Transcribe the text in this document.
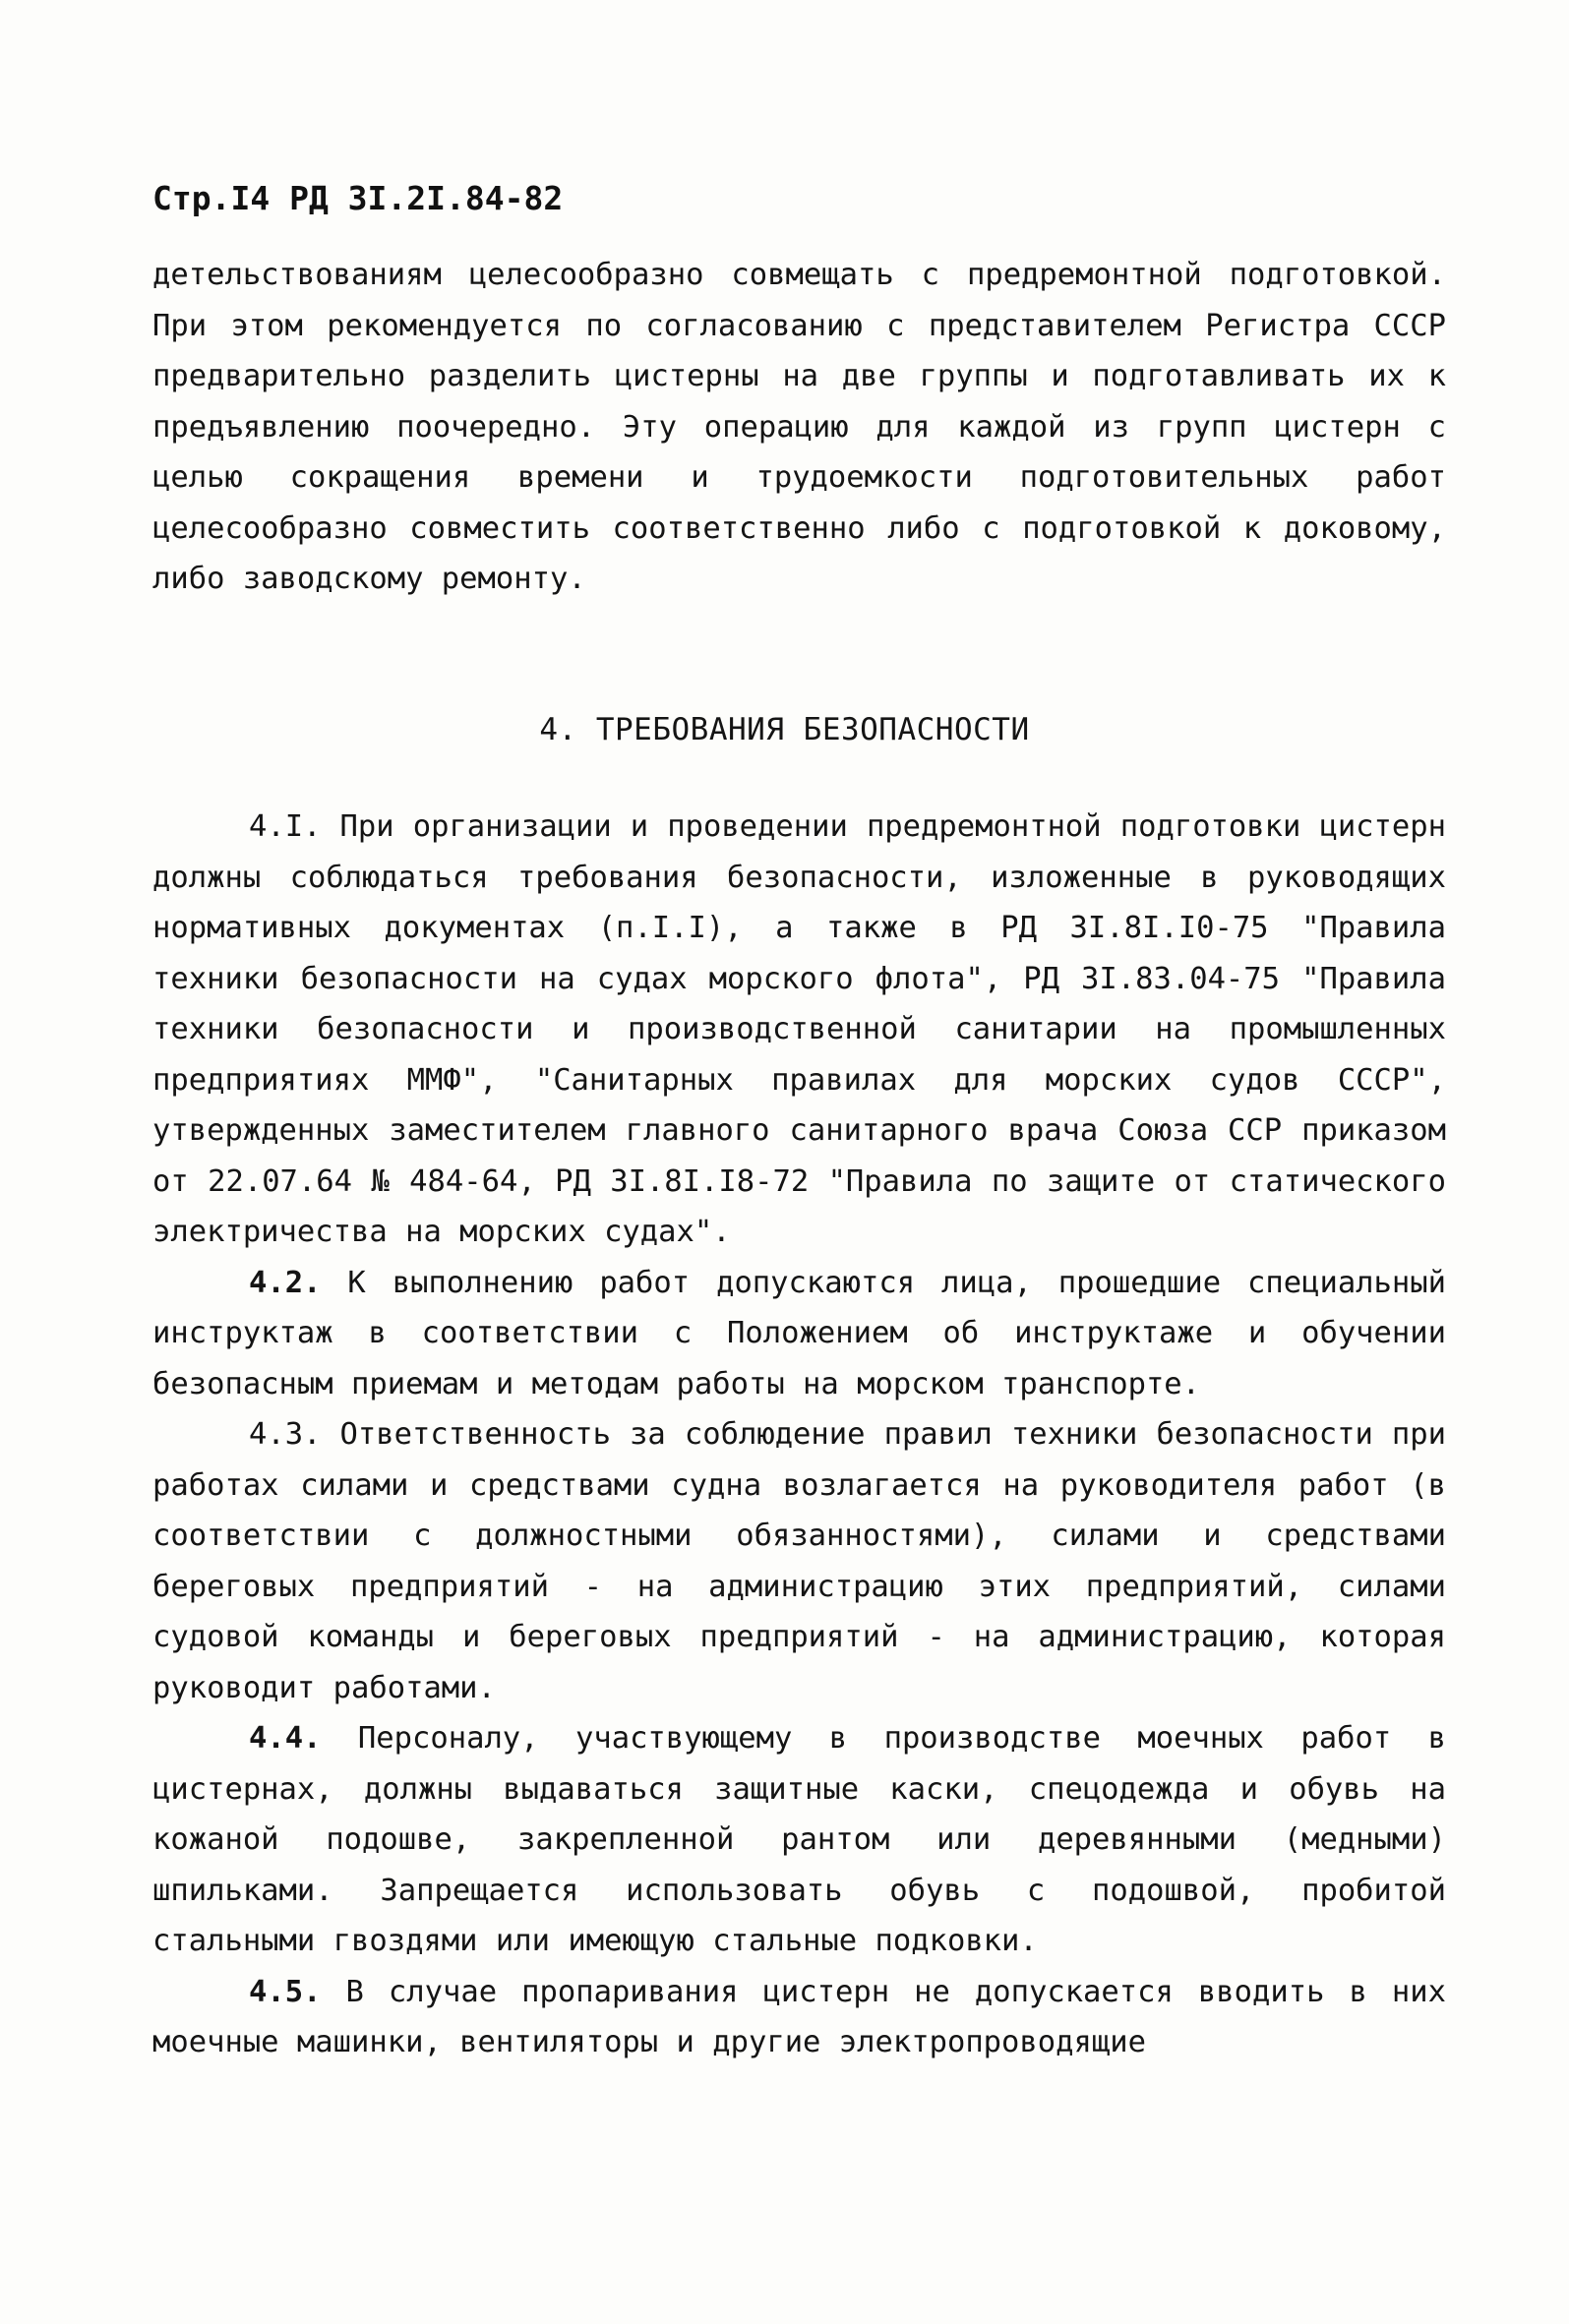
Стр.I4 РД 3I.2I.84-82
детельствованиям целесообразно совмещать с предремонтной подготовкой. При этом рекомендуется по согласованию с представителем Регистра СССР предварительно разделить цистерны на две группы и подготавливать их к предъявлению поочередно. Эту операцию для каждой из групп цистерн с целью сокращения времени и трудоемкости подготовительных работ целесообразно совместить соответственно либо с подготовкой к доковому, либо заводскому ремонту.
4. ТРЕБОВАНИЯ БЕЗОПАСНОСТИ

4.I. При организации и проведении предремонтной подготовки цистерн должны соблюдаться требования безопасности, изложенные в руководящих нормативных документах (п.I.I), а также в РД 3I.8I.I0-75 "Правила техники безопасности на судах морского флота", РД 3I.83.04-75 "Правила техники безопасности и производственной санитарии на промышленных предприятиях ММФ", "Санитарных правилах для морских судов СССР", утвержденных заместителем главного санитарного врача Союза ССР приказом от 22.07.64 № 484-64, РД 3I.8I.I8-72 "Правила по защите от статического электричества на морских судах".

4.2. К выполнению работ допускаются лица, прошедшие специальный инструктаж в соответствии с Положением об инструктаже и обучении безопасным приемам и методам работы на морском транспорте.

4.3. Ответственность за соблюдение правил техники безопасности при работах силами и средствами судна возлагается на руководителя работ (в соответствии с должностными обязанностями), силами и средствами береговых предприятий - на администрацию этих предприятий, силами судовой команды и береговых предприятий - на администрацию, которая руководит работами.

4.4. Персоналу, участвующему в производстве моечных работ в цистернах, должны выдаваться защитные каски, спецодежда и обувь на кожаной подошве, закрепленной рантом или деревянными (медными) шпильками. Запрещается использовать обувь с подошвой, пробитой стальными гвоздями или имеющую стальные подковки.

4.5. В случае пропаривания цистерн не допускается вводить в них моечные машинки, вентиляторы и другие электропроводящие
